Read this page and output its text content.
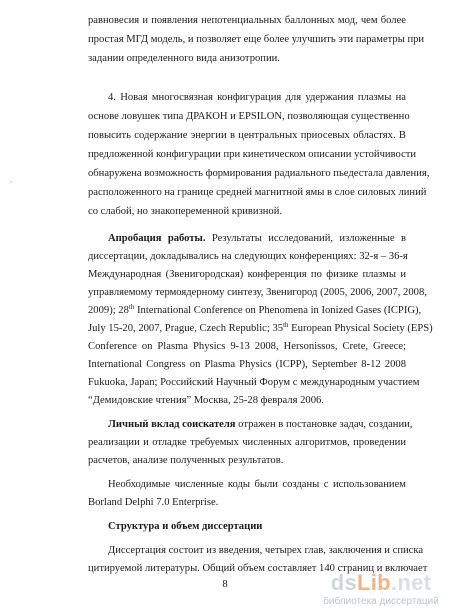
ʼ
равновесия и появления непотенциальных баллонных мод, чем более
простая МГД модель, и позволяет еще более улучшить эти параметры при
задании определенного вида анизотропии.
4. Новая многосвязная конфигурация для удержания плазмы на
основе ловушек типа ДРАКОН и EPSILON, позволяющая существенно
повысить содержание энергии в центральных приосевых областях. В
предложенной конфигурации при кинетическом описании устойчивости
обнаружена возможность формирования радиального пьедестала давления,
расположенного на границе средней магнитной ямы в слое силовых линий
со слабой, но знакопеременной кривизной.
Апробация работы. Результаты исследований, изложенные в
диссертации, докладывались на следующих конференциях: 32-я – 36-я
Международная (Звенигородская) конференция по физике плазмы и
управляемому термоядерному синтезу, Звенигород (2005, 2006, 2007, 2008,
2009); 28th International Conference on Phenomena in Ionized Gases (ICPIG),
July 15-20, 2007, Prague, Czech Republic; 35th European Physical Society (EPS)
Conference on Plasma Physics 9-13 2008, Hersonissos, Crete, Greece;
International Congress on Plasma Physics (ICPP), September 8-12 2008
Fukuoka, Japan; Российский Научный Форум с международным участием
“Демидовские чтения” Москва, 25-28 февраля 2006.
Личный вклад соискателя отражен в постановке задач, создании,
реализации и отладке требуемых численных алгоритмов, проведении
расчетов, анализе полученных результатов.
Необходимые численные коды были созданы с использованием
Borland Delphi 7.0 Enterprise.
Структура и объем диссертации
Диссертация состоит из введения, четырех глав, заключения и списка
цитируемой литературы. Общий объем составляет 140 страниц и включает
8	dsLib.net
библиотека диссертаций
